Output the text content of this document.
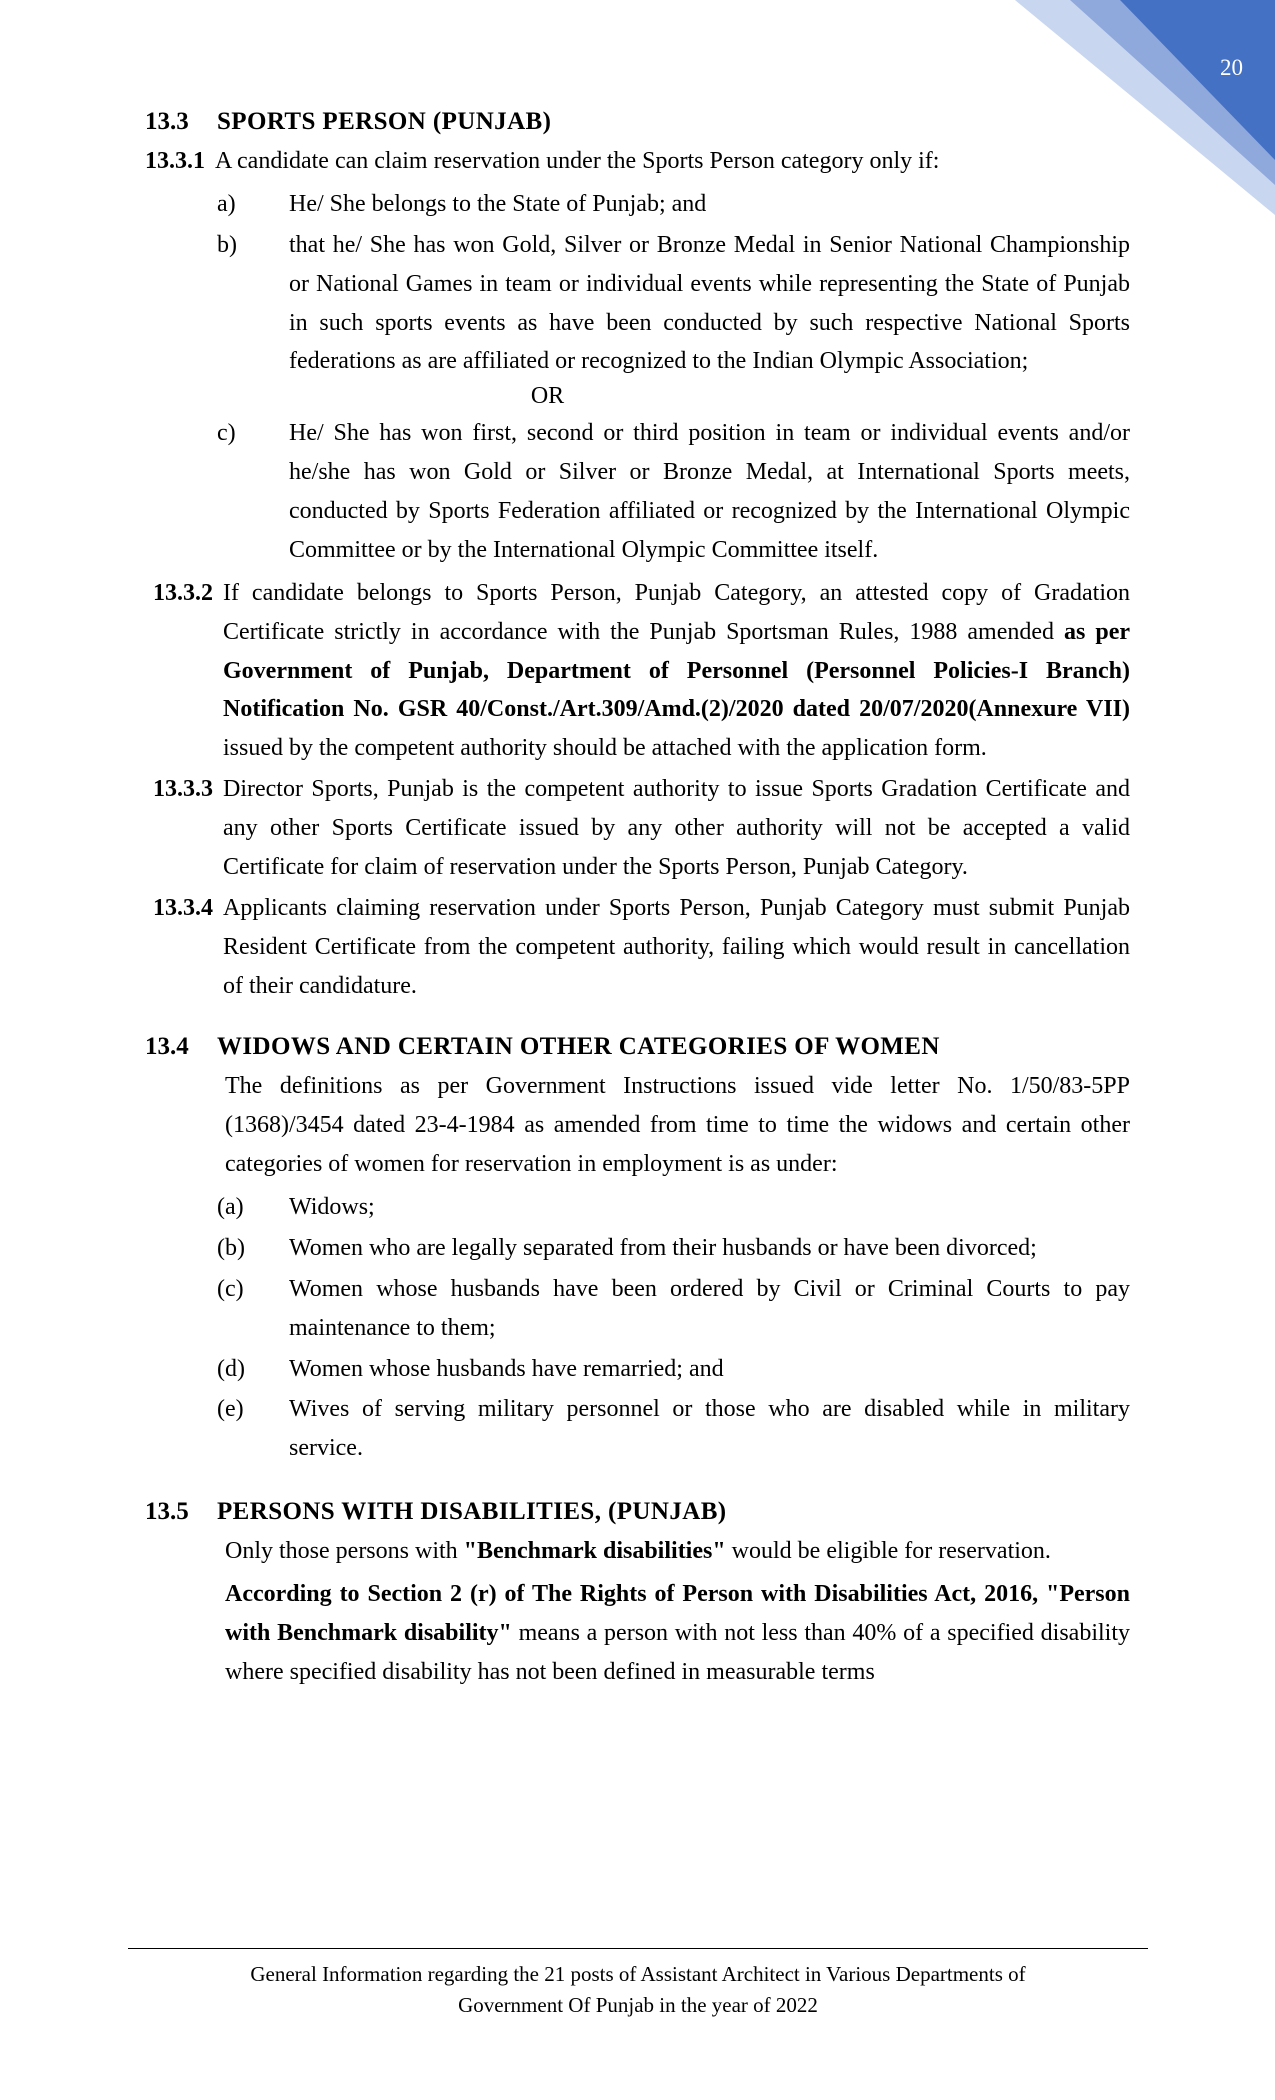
20
13.3	SPORTS PERSON (PUNJAB)
13.3.1 A candidate can claim reservation under the Sports Person category only if:
a)	He/ She belongs to the State of Punjab; and
b)	that he/ She has won Gold, Silver or Bronze Medal in Senior National Championship or National Games in team or individual events while representing the State of Punjab in such sports events as have been conducted by such respective National Sports federations as are affiliated or recognized to the Indian Olympic Association;
OR
c)	He/ She has won first, second or third position in team or individual events and/or he/she has won Gold or Silver or Bronze Medal, at International Sports meets, conducted by Sports Federation affiliated or recognized by the International Olympic Committee or by the International Olympic Committee itself.
13.3.2 If candidate belongs to Sports Person, Punjab Category, an attested copy of Gradation Certificate strictly in accordance with the Punjab Sportsman Rules, 1988 amended as per Government of Punjab, Department of Personnel (Personnel Policies-I Branch) Notification No. GSR 40/Const./Art.309/Amd.(2)/2020 dated 20/07/2020(Annexure VII) issued by the competent authority should be attached with the application form.
13.3.3 Director Sports, Punjab is the competent authority to issue Sports Gradation Certificate and any other Sports Certificate issued by any other authority will not be accepted a valid Certificate for claim of reservation under the Sports Person, Punjab Category.
13.3.4 Applicants claiming reservation under Sports Person, Punjab Category must submit Punjab Resident Certificate from the competent authority, failing which would result in cancellation of their candidature.
13.4	WIDOWS AND CERTAIN OTHER CATEGORIES OF WOMEN
The definitions as per Government Instructions issued vide letter No. 1/50/83-5PP (1368)/3454 dated 23-4-1984 as amended from time to time the widows and certain other categories of women for reservation in employment is as under:
(a)	Widows;
(b)	Women who are legally separated from their husbands or have been divorced;
(c)	Women whose husbands have been ordered by Civil or Criminal Courts to pay maintenance to them;
(d)	Women whose husbands have remarried; and
(e)	Wives of serving military personnel or those who are disabled while in military service.
13.5	PERSONS WITH DISABILITIES, (PUNJAB)
Only those persons with "Benchmark disabilities" would be eligible for reservation.
According to Section 2 (r) of The Rights of Person with Disabilities Act, 2016, "Person with Benchmark disability" means a person with not less than 40% of a specified disability where specified disability has not been defined in measurable terms
General Information regarding the 21 posts of Assistant Architect in Various Departments of
Government Of Punjab in the year of 2022
